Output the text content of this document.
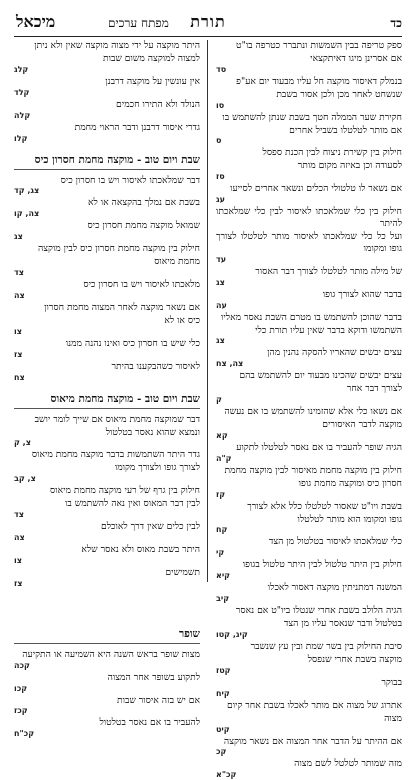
כד
תורת
מפתח ערכים
מיכאל
ספק טריפה בבין השמשות ונתברר כטרפה בו"ט
אם אסרינן מיגו דאיתקצאי
סד
בנמלק דאיסור מוקצה חל עליו מבעוד יום אע"פ
שנשחט לאחר מכן ולכן אסור בשבת
סו
חקירת שער הממלה חטך בשבת שנתן להשתמש בו
אם מותר לטלטלו בשביל אחרים
ס
חילוק בין קשירת ניצוח לבין הכנת ספסל
לסעודה וכן באיזה מקום מותר
סז
אם נשאר לו טלטולי הכלים ונשאר אחרים לסייעו
עג
חילוק בין כלי שמלאכתו לאיסור לבין כלי שמלאכתו להיתר
ועל כל כלי שמלאכתו לאיסור מותר לטלטלו לצורך גופו ומקומו
עד
של מילה מותר לטלטלו לצורך דבר האסור
צג
בדבר שהוא לצורך גופו
עה
בדבר שהוכן להשתמש בו מטרם השבת נאסר מאליו
השתמשו ודוקא בדבר שאין עליו תורת כלי
צג
עצים יבשים שהאריו להסקה נהנין מהן
צה, צח
עצים יבשים שהכינו מבעוד יום להשתמש בהם
לצורך דבר אחר
ק
אם נשאו כלי אלא שהזמינו להשתמש בו אם נעשה
מוקצה לדבר האיסורים
קא
הגיה שופר להעביר בו אם נאסר לטלטלו לתקוע
ק"ה
חילוק בין מוקצה מחמת מאיסור לבין מוקצה מחמת
חסרון כיס ומוקצה מחמת גופו
קז
בשבת ויו"ט שאסור לטלטלו כלל אלא לצורך
גופו ומקומו הוא מותר לטלטלו
קח
כלי שמלאכתו לאיסור בטלטול מן הצד
קי
חילוק בין היתר טלטול לבין היתר טלטול בגופו
קיא
המשנה דמתניתין מוקצה דאסור לאכלו
קיב
הגיה הלולב בשבת אחרי שנטלו ביו"ט אם נאסר
בטלטול ודבר שנאסר עליו מן הצד
קיג, קטו
סיבת החילוק בין בשר שמת ובין עץ שנשבר
מוקצה בשבת אחרי שנפסל
קטז
בבוקר
קיח
אתרוג של מצוה אם מותר לאכלו בשבת אחר קיום
מצוה
קיט
אם ההיתר על הדבר אחר המצוה אם נשאר מוקצה
קכ
מזה שמותר לטלטל לשם מצוה
קכ"א
היתר מוקצה על ידי מצוה מוקצה שאין ולא ניתן
למצוה למוקצה משום שבות
קלג
אין עונשין על מוקצה דרבנן
קלד
הנולד ולא התירו חכמים
קלה
גדרי איסור דרבנן ודבר הראוי מחמת
קלו
שבת ויום טוב - מוקצה מחמת חסרון כיס
דבר שמלאכתו לאיסור ויש בו חסרון כיס
צג, קד
בשבת אם נמלך בהקצאה או לא
צה, קו
שמואל מוקצה מחמת חסרון כיס
צג
חילוק בין מוקצה מחמת חסרון כיס לבין מוקצה
מחמת מיאוס
צד
מלאכתו לאיסור ויש בו חסרון כיס
צה
אם נשאר מוקצה לאחר המצוה מחמת חסרון
כיס או לא
צו
כלי שיש בו חסרון כיס ואינו נהנה ממנו
צז
לאיסור כשהבקענו בהיתר
צח
שבת ויום טוב - מוקצה מחמת מיאוס
דבר שמוקצה מחמת מיאוס אם שייך לומר יושב
ונמצא שהוא נאסר בטלטול
צ, ק
גדר היתר השתמשות בדבר מוקצה מחמת מיאוס
לצורך גופו ולצורך מקומו
צ, קב
חילוק בין גרף של רעי מוקצה מחמת מיאוס
לבין דבר המאוס ואין נאה להשתמש בו
צד
לבין כלים שאין דרך לאוכלם
צה
היתר בשבת מאוס ולא נאסר שלא
צו
תשמישים
צז
שופר
מצות שופר בראש השנה היא השמיעה או התקיעה
קכה
לתקוע בשופר אחר המצוה
קכו
אם יש בזה איסור שבות
קכז
להעביר בו אם נאסר בטלטול
קכ"ח
